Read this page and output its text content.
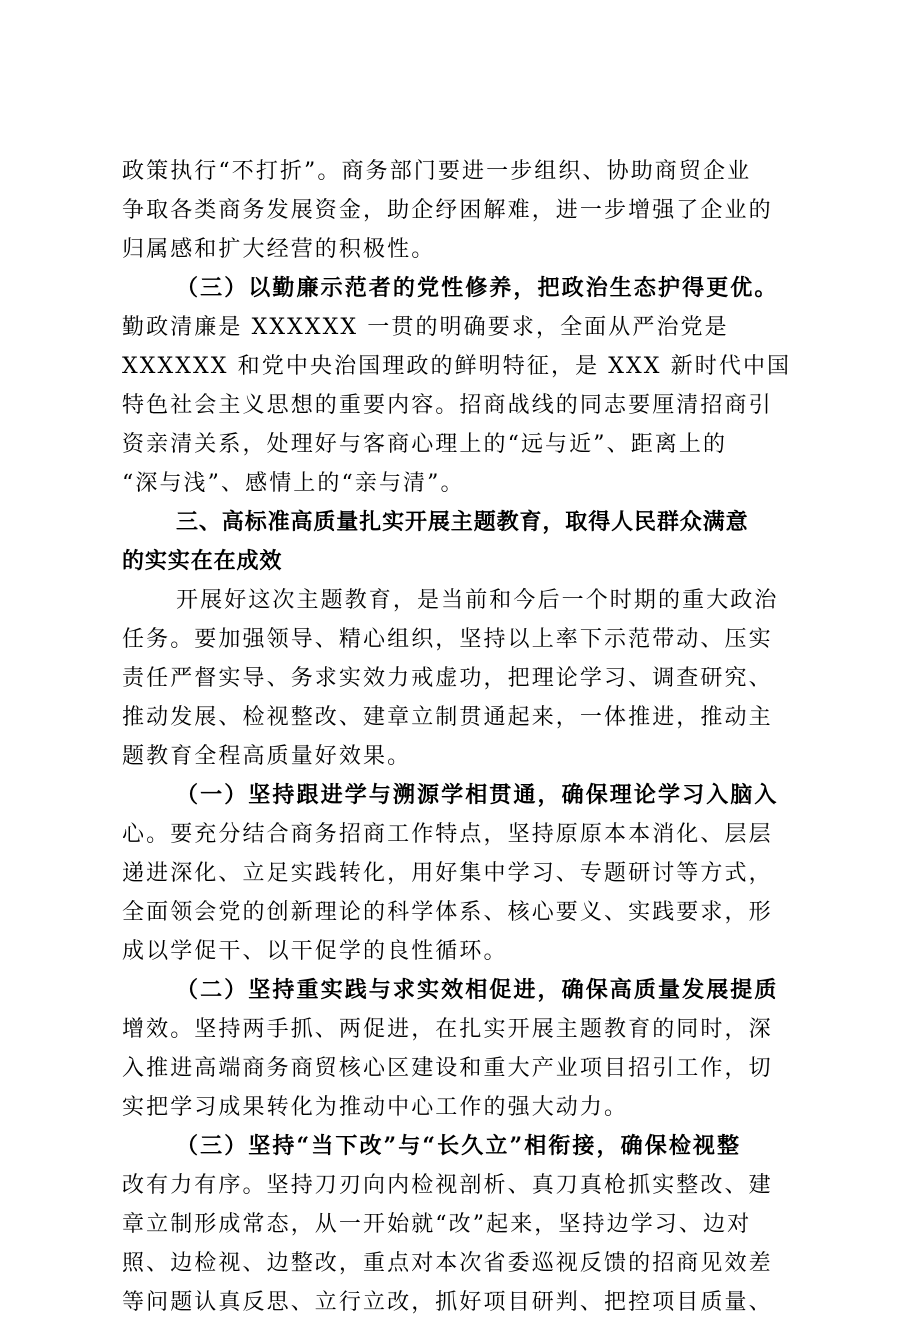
政策执行“不打折”。商务部门要进一步组织、协助商贸企业
争取各类商务发展资金，助企纾困解难，进一步增强了企业的
归属感和扩大经营的积极性。
（三）以勤廉示范者的党性修养，把政治生态护得更优。
勤政清廉是 XXXXXX 一贯的明确要求，全面从严治党是
XXXXXX 和党中央治国理政的鲜明特征，是 XXX 新时代中国
特色社会主义思想的重要内容。招商战线的同志要厘清招商引
资亲清关系，处理好与客商心理上的“远与近”、距离上的
“深与浅”、感情上的“亲与清”。
三、高标准高质量扎实开展主题教育，取得人民群众满意
的实实在在成效
开展好这次主题教育，是当前和今后一个时期的重大政治
任务。要加强领导、精心组织，坚持以上率下示范带动、压实
责任严督实导、务求实效力戒虚功，把理论学习、调查研究、
推动发展、检视整改、建章立制贯通起来，一体推进，推动主
题教育全程高质量好效果。
（一）坚持跟进学与溯源学相贯通，确保理论学习入脑入
心。要充分结合商务招商工作特点，坚持原原本本消化、层层
递进深化、立足实践转化，用好集中学习、专题研讨等方式，
全面领会党的创新理论的科学体系、核心要义、实践要求，形
成以学促干、以干促学的良性循环。
（二）坚持重实践与求实效相促进，确保高质量发展提质
增效。坚持两手抓、两促进，在扎实开展主题教育的同时，深
入推进高端商务商贸核心区建设和重大产业项目招引工作，切
实把学习成果转化为推动中心工作的强大动力。
（三）坚持“当下改”与“长久立”相衔接，确保检视整
改有力有序。坚持刀刃向内检视剖析、真刀真枪抓实整改、建
章立制形成常态，从一开始就“改”起来，坚持边学习、边对
照、边检视、边整改，重点对本次省委巡视反馈的招商见效差
等问题认真反思、立行立改，抓好项目研判、把控项目质量、
